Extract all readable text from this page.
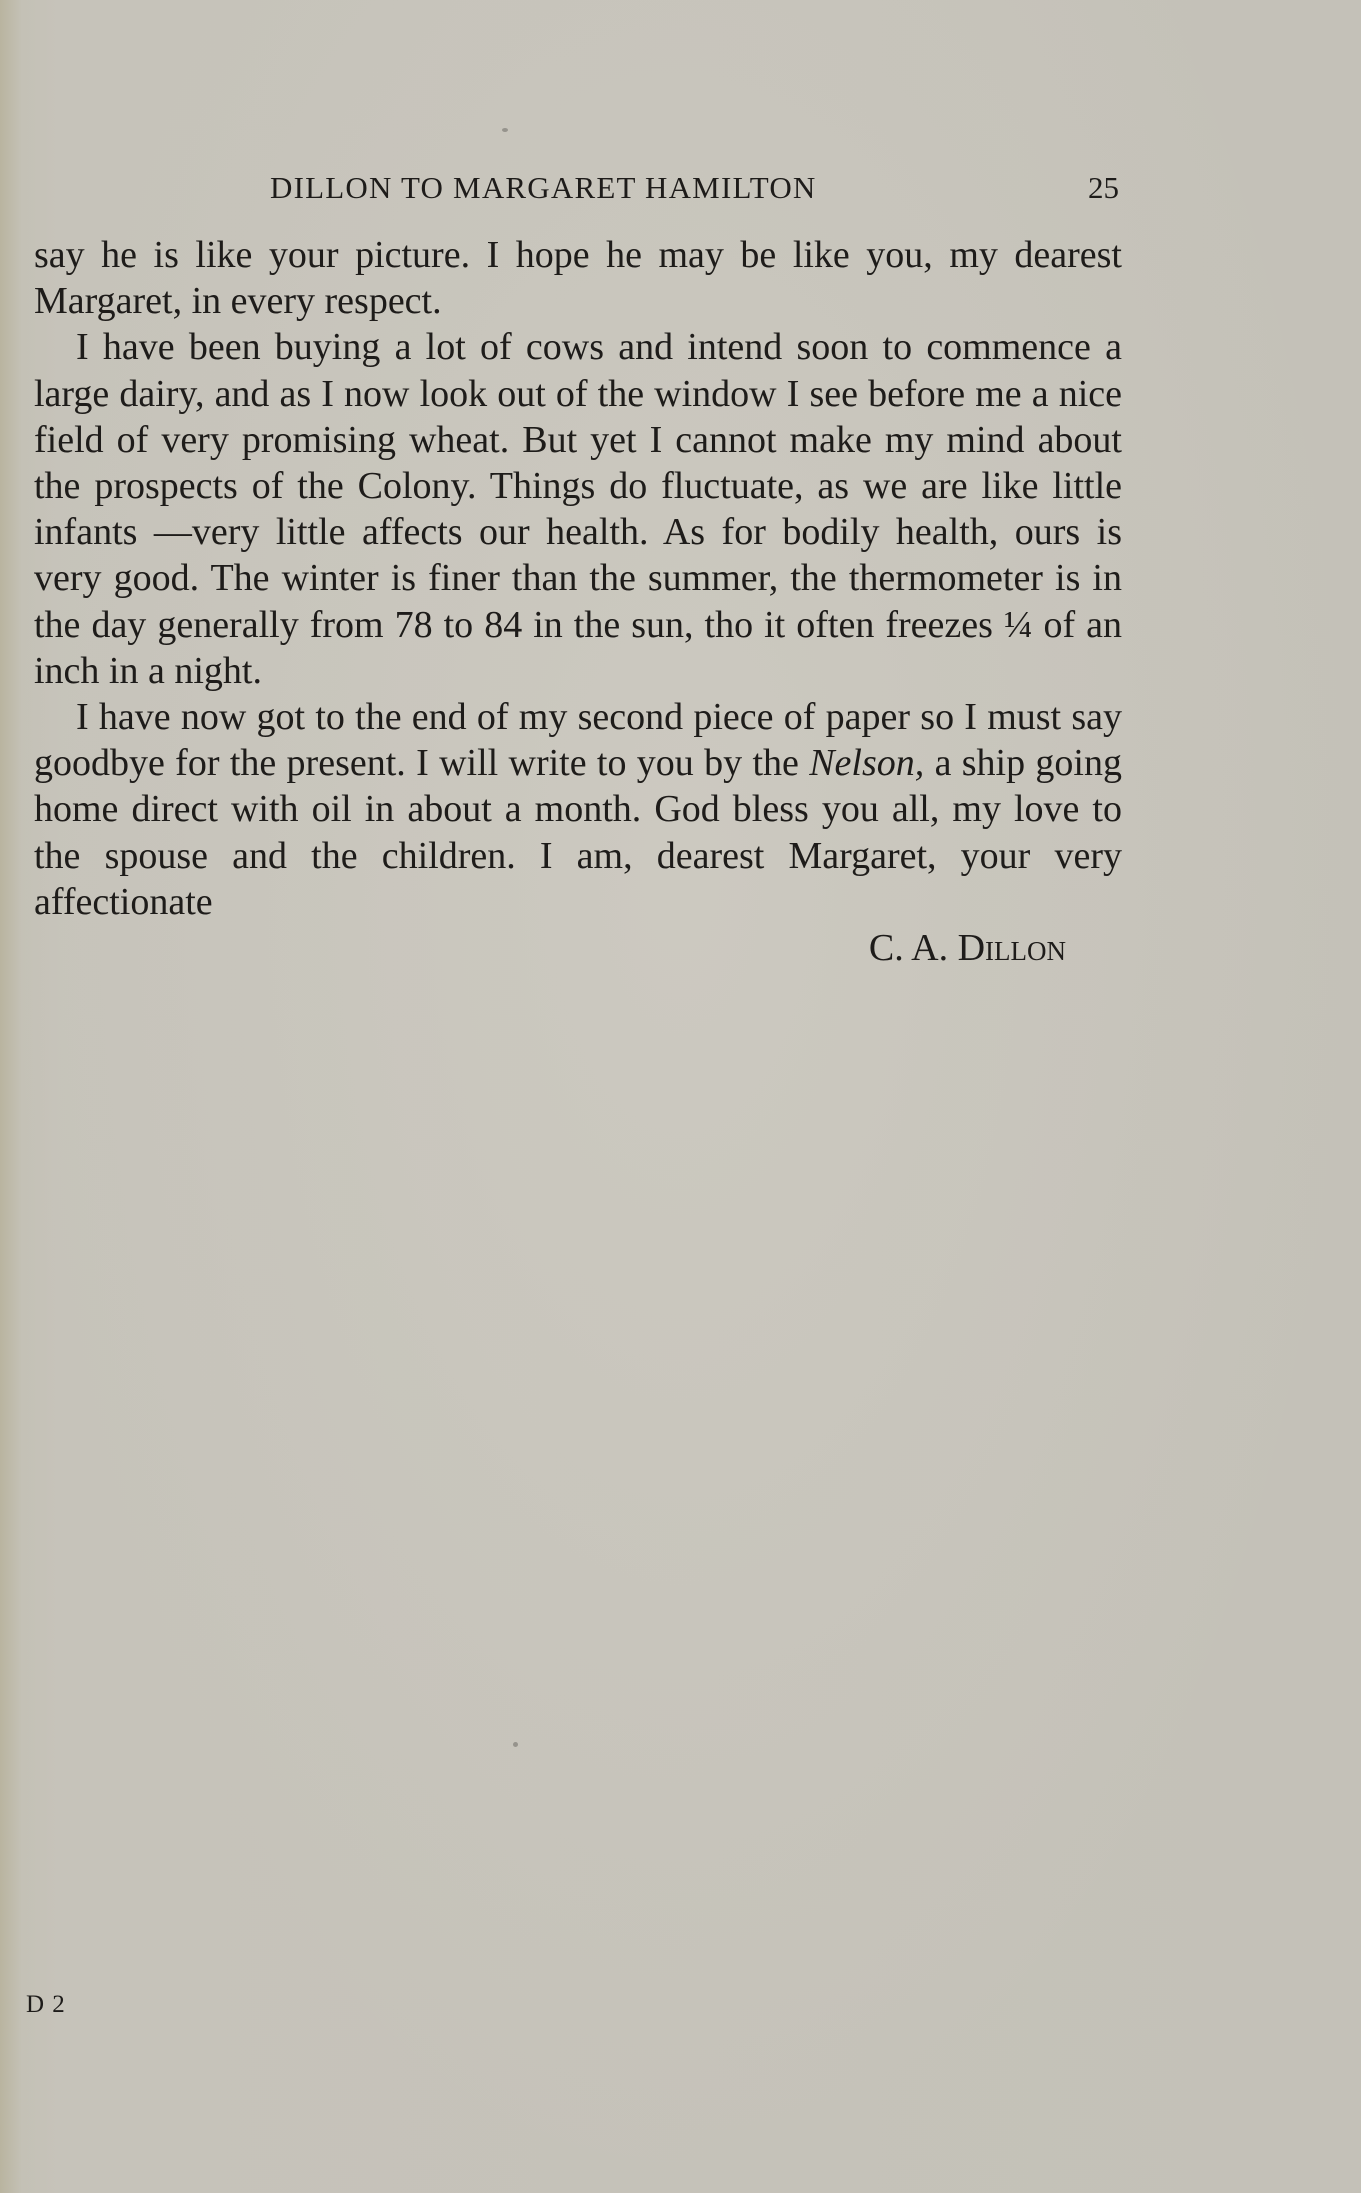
DILLON TO MARGARET HAMILTON	25

say he is like your picture. I hope he may be like you, my dearest Margaret, in every respect.

I have been buying a lot of cows and intend soon to commence a large dairy, and as I now look out of the window I see before me a nice field of very promising wheat. But yet I cannot make my mind about the prospects of the Colony. Things do fluctuate, as we are like little infants —very little affects our health. As for bodily health, ours is very good. The winter is finer than the summer, the thermometer is in the day generally from 78 to 84 in the sun, tho it often freezes ¼ of an inch in a night.

I have now got to the end of my second piece of paper so I must say goodbye for the present. I will write to you by the Nelson, a ship going home direct with oil in about a month. God bless you all, my love to the spouse and the children. I am, dearest Margaret, your very affectionate

C. A. Dillon

D 2
